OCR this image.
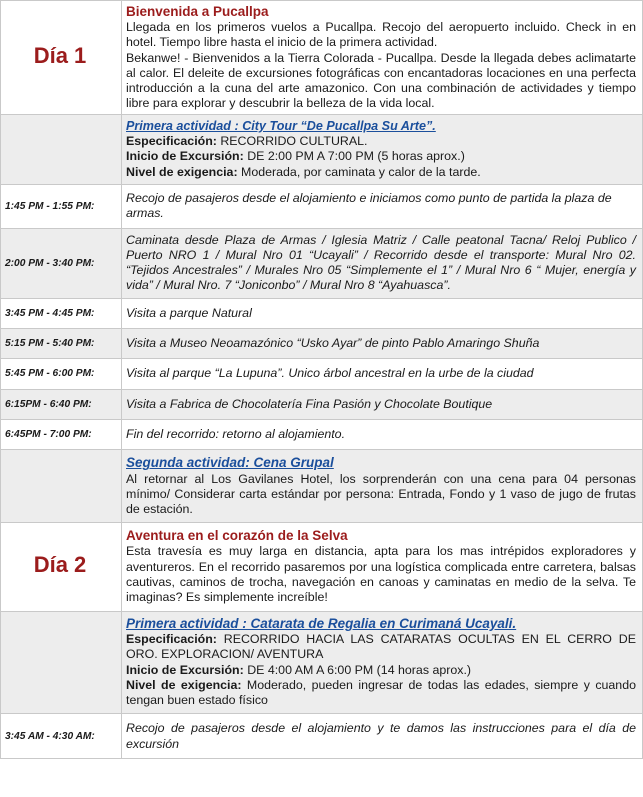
Día 1	Bienvenida a Pucallpa
Llegada en los primeros vuelos a Pucallpa. Recojo del aeropuerto incluido. Check in en hotel. Tiempo libre hasta el inicio de la primera actividad.
Bekanwe! - Bienvenidos a la Tierra Colorada - Pucallpa. Desde la llegada debes aclimatarte al calor. El deleite de excursiones fotográficas con encantadoras locaciones en una perfecta introducción a la cuna del arte amazonico. Con una combinación de actividades y tiempo libre para explorar y descubrir la belleza de la vida local.

	Primera actividad : City Tour “De Pucallpa Su Arte”.
Especificación: RECORRIDO CULTURAL.
Inicio de Excursión: DE 2:00 PM A 7:00 PM (5 horas aprox.)
Nivel de exigencia: Moderada, por caminata y calor de la tarde.

1:45 PM - 1:55 PM:	Recojo de pasajeros desde el alojamiento e iniciamos como punto de partida la plaza de armas.
2:00 PM - 3:40 PM:	Caminata desde Plaza de Armas / Iglesia Matriz / Calle peatonal Tacna/ Reloj Publico / Puerto NRO 1 / Mural Nro 01 “Ucayali” / Recorrido desde el transporte: Mural Nro 02. “Tejidos Ancestrales” / Murales Nro 05 “Simplemente el 1” / Mural Nro 6 “ Mujer, energía y vida” / Mural Nro. 7 “Joniconbo” / Mural Nro 8 “Ayahuasca”.
3:45 PM - 4:45 PM:	Visita a parque Natural
5:15 PM - 5:40 PM:	Visita a Museo Neoamazónico “Usko Ayar” de pinto Pablo Amaringo Shuña
5:45 PM - 6:00 PM:	Visita al parque “La Lupuna”. Unico árbol ancestral en la urbe de la ciudad
6:15PM - 6:40 PM:	Visita a Fabrica de Chocolatería Fina Pasión y Chocolate Boutique
6:45PM - 7:00 PM:	Fin del recorrido: retorno al alojamiento.

	Segunda actividad: Cena Grupal
Al retornar al Los Gavilanes Hotel, los sorprenderán con una cena para 04 personas mínimo/ Considerar carta estándar por persona: Entrada, Fondo y 1 vaso de jugo de frutas de estación.

Día 2	Aventura en el corazón de la Selva
Esta travesía es muy larga en distancia, apta para los mas intrépidos exploradores y aventureros. En el recorrido pasaremos por una logística complicada entre carretera, balsas cautivas, caminos de trocha, navegación en canoas y caminatas en medio de la selva. Te imaginas? Es simplemente increíble!

	Primera actividad : Catarata de Regalia en Curimaná Ucayali.
Especificación: RECORRIDO HACIA LAS CATARATAS OCULTAS EN EL CERRO DE ORO. EXPLORACION/ AVENTURA
Inicio de Excursión: DE 4:00 AM A 6:00 PM (14 horas aprox.)
Nivel de exigencia: Moderado, pueden ingresar de todas las edades, siempre y cuando tengan buen estado físico

3:45 AM - 4:30 AM:	Recojo de pasajeros desde el alojamiento y te damos las instrucciones para el día de excursión
